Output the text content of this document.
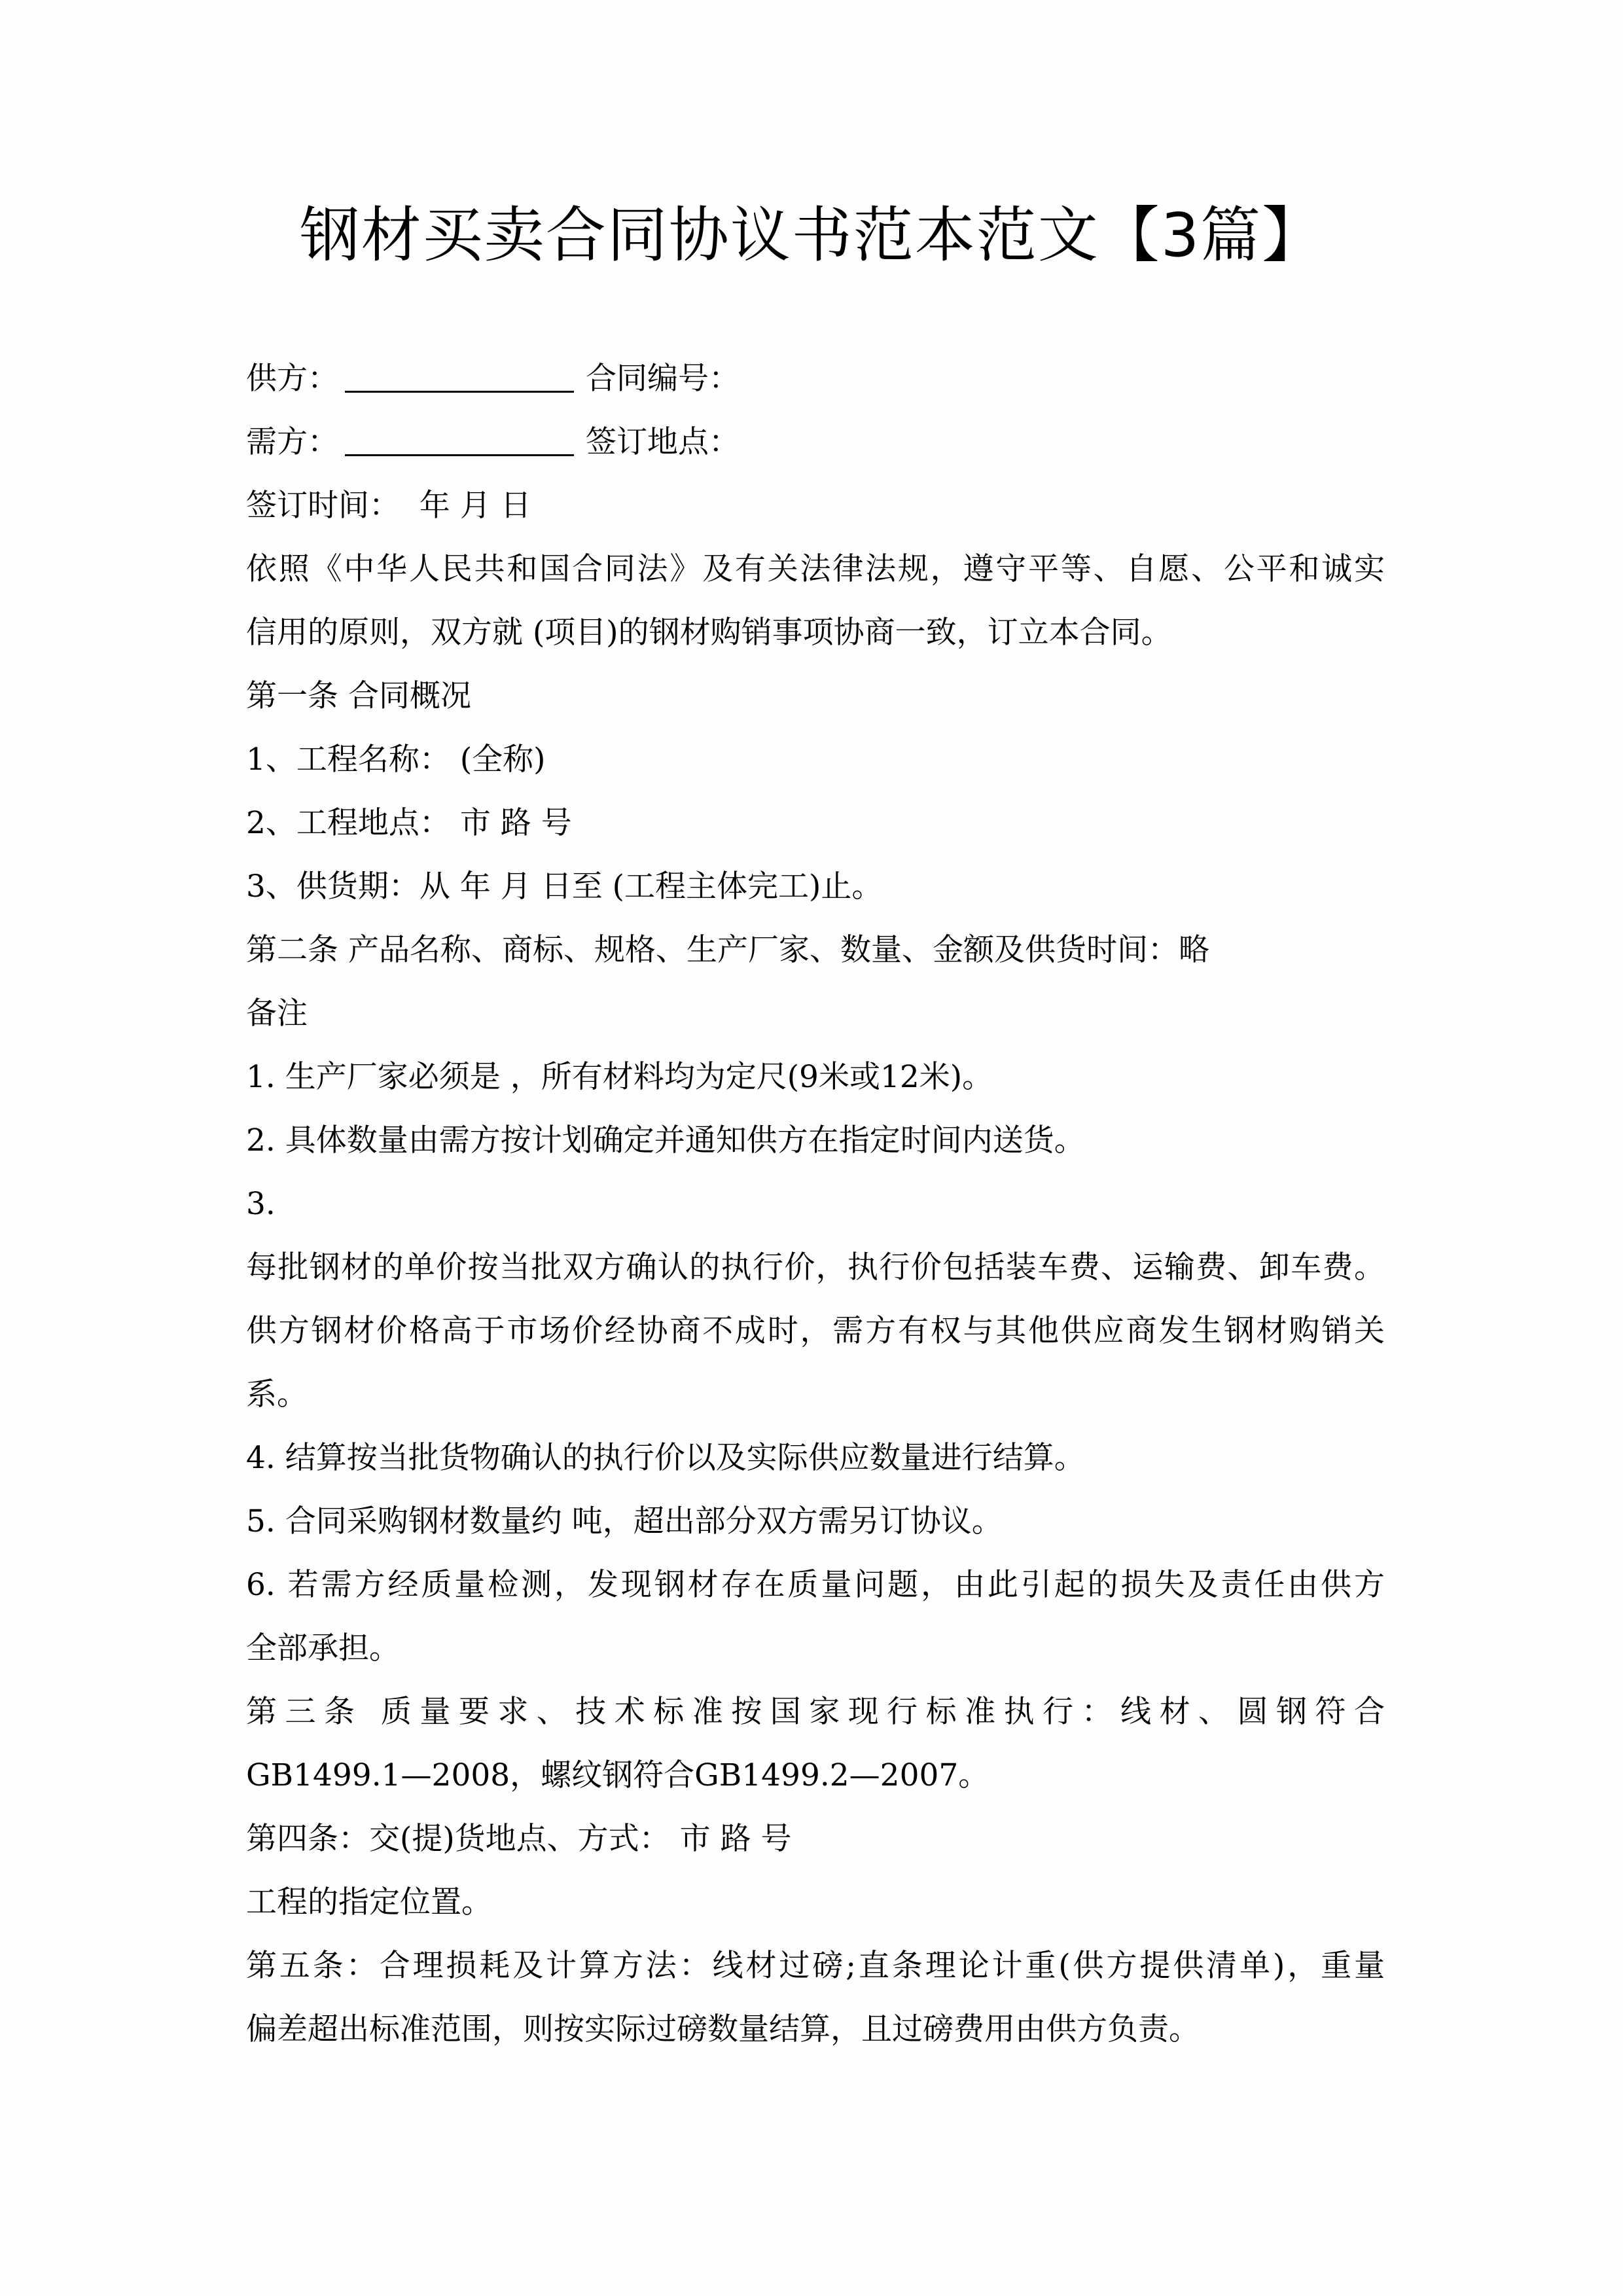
钢材买卖合同协议书范本范文【3篇】
供方：	合同编号：
需方：	签订地点：
签订时间：  年 月 日
依照《中华人民共和国合同法》及有关法律法规，遵守平等、自愿、公平和诚实
信用的原则，双方就 (项目)的钢材购销事项协商一致，订立本合同。
第一条 合同概况
1、工程名称： (全称)
2、工程地点： 市 路 号
3、供货期：从 年 月 日至 (工程主体完工)止。
第二条 产品名称、商标、规格、生产厂家、数量、金额及供货时间：略
备注
1. 生产厂家必须是 ，所有材料均为定尺(9米或12米)。
2. 具体数量由需方按计划确定并通知供方在指定时间内送货。
3.
每批钢材的单价按当批双方确认的执行价，执行价包括装车费、运输费、卸车费。
供方钢材价格高于市场价经协商不成时，需方有权与其他供应商发生钢材购销关
系。
4. 结算按当批货物确认的执行价以及实际供应数量进行结算。
5. 合同采购钢材数量约 吨，超出部分双方需另订协议。
6. 若需方经质量检测，发现钢材存在质量问题，由此引起的损失及责任由供方
全部承担。
第三条 质量要求、技术标准按国家现行标准执行：线材、圆钢符合
GB1499.1—2008，螺纹钢符合GB1499.2—2007。
第四条：交(提)货地点、方式： 市 路 号
工程的指定位置。
第五条：合理损耗及计算方法：线材过磅;直条理论计重(供方提供清单)，重量
偏差超出标准范围，则按实际过磅数量结算，且过磅费用由供方负责。
